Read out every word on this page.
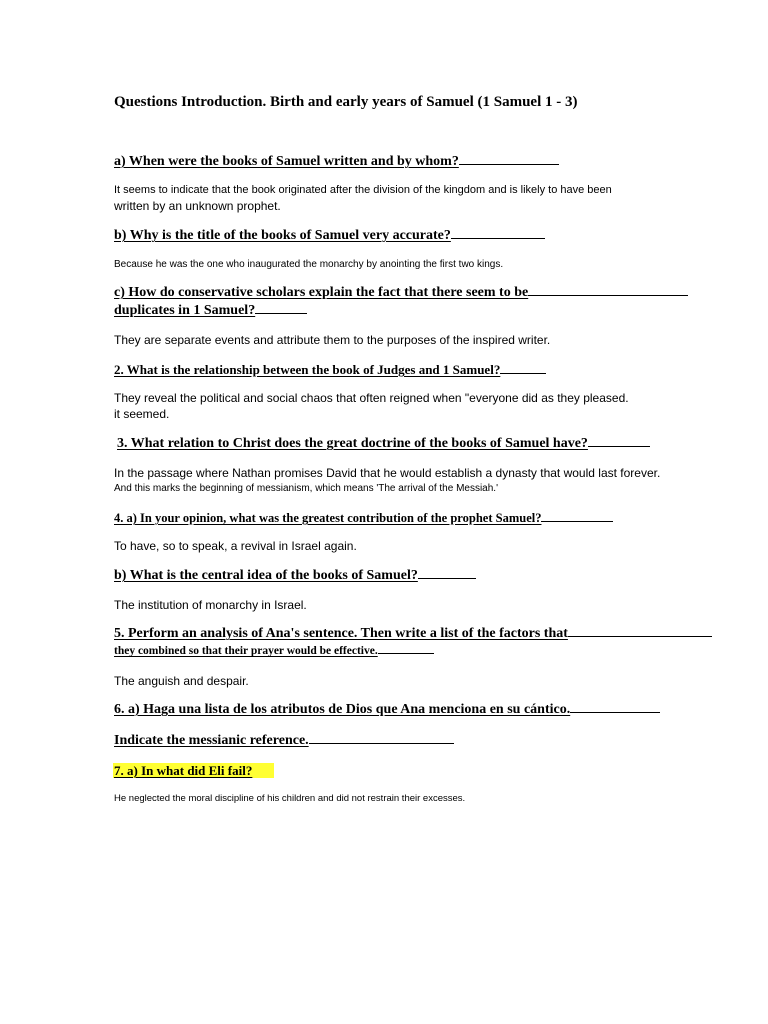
Questions Introduction. Birth and early years of Samuel (1 Samuel 1 - 3)
a) When were the books of Samuel written and by whom?
It seems to indicate that the book originated after the division of the kingdom and is likely to have been
written by an unknown prophet.
b) Why is the title of the books of Samuel very accurate?
Because he was the one who inaugurated the monarchy by anointing the first two kings.
c) How do conservative scholars explain the fact that there seem to be
duplicates in 1 Samuel?
They are separate events and attribute them to the purposes of the inspired writer.
2. What is the relationship between the book of Judges and 1 Samuel?
They reveal the political and social chaos that often reigned when "everyone did as they pleased.
it seemed.
3. What relation to Christ does the great doctrine of the books of Samuel have?
In the passage where Nathan promises David that he would establish a dynasty that would last forever.
And this marks the beginning of messianism, which means 'The arrival of the Messiah.'
4. a) In your opinion, what was the greatest contribution of the prophet Samuel?
To have, so to speak, a revival in Israel again.
b) What is the central idea of the books of Samuel?
The institution of monarchy in Israel.
5. Perform an analysis of Ana's sentence. Then write a list of the factors that
they combined so that their prayer would be effective.
The anguish and despair.
6. a) Haga una lista de los atributos de Dios que Ana menciona en su cántico.
Indicate the messianic reference.
7. a) In what did Eli fail?
He neglected the moral discipline of his children and did not restrain their excesses.
